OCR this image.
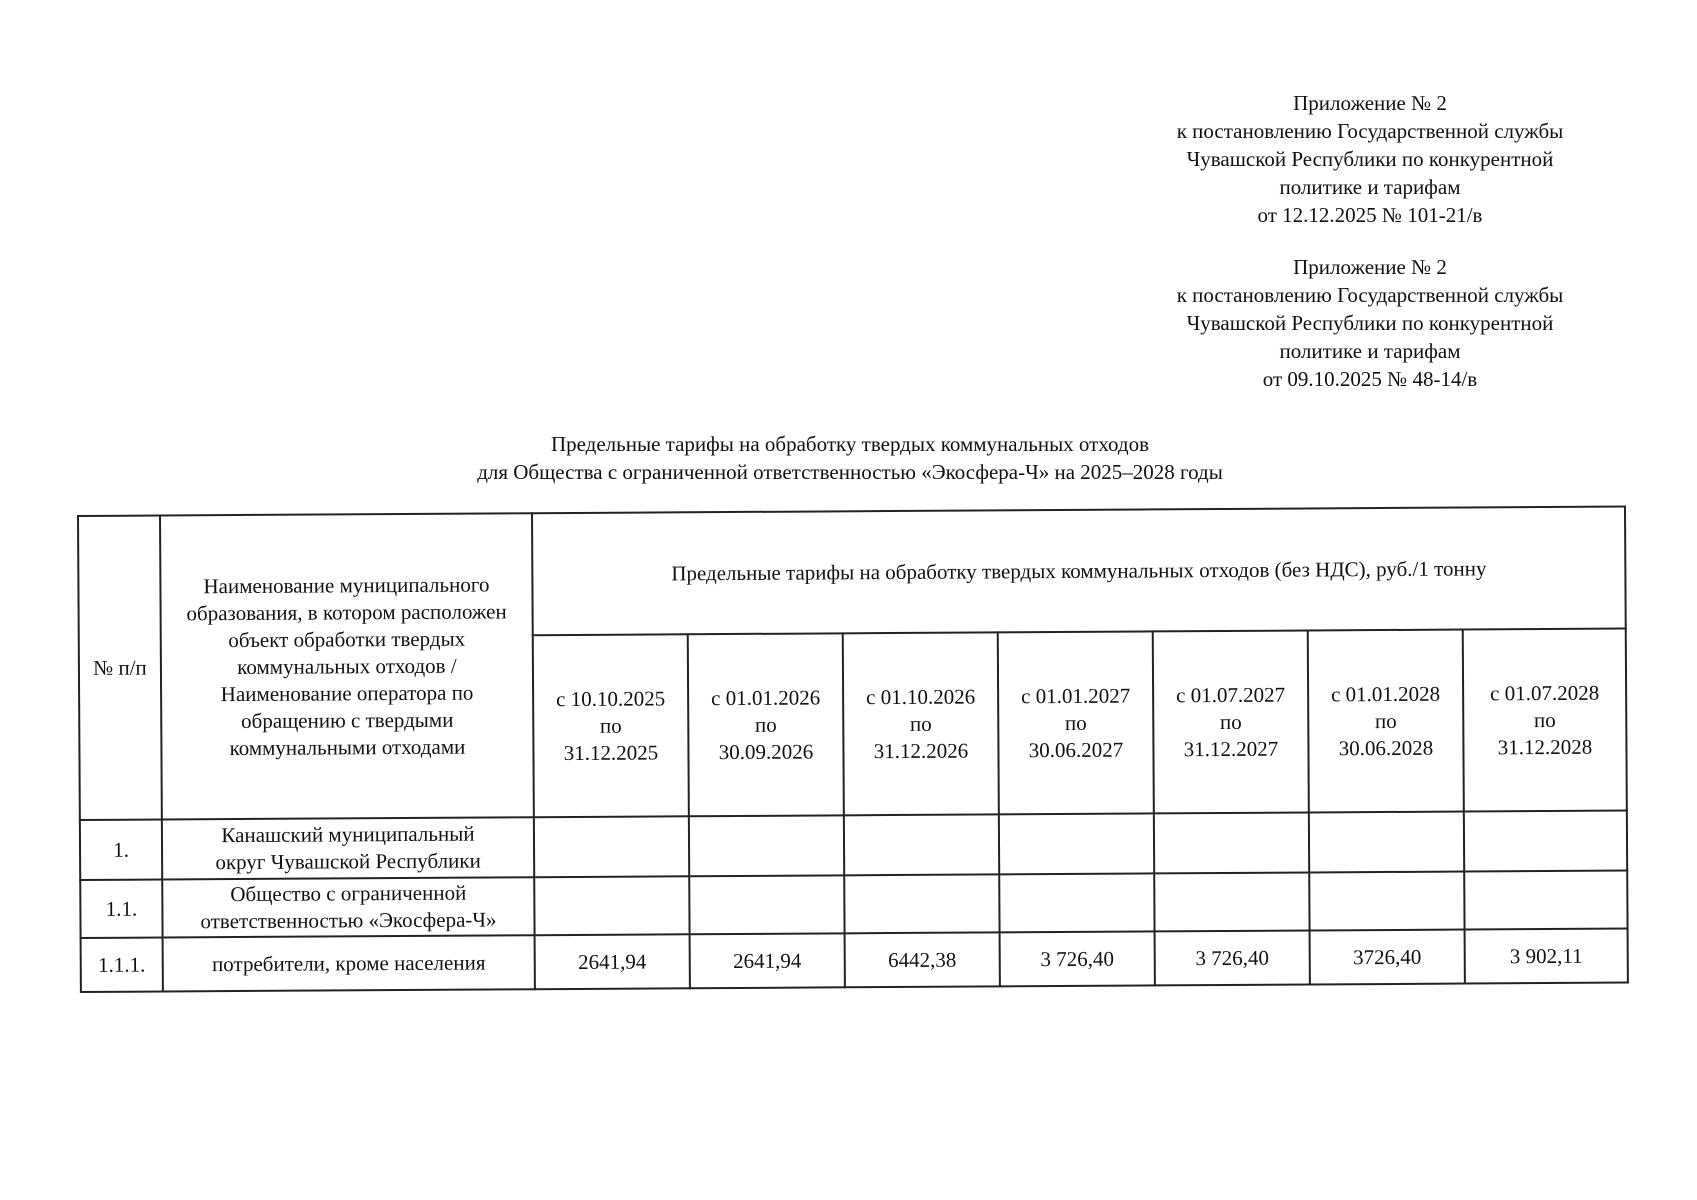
Приложение № 2
к постановлению Государственной службы
Чувашской Республики по конкурентной
политике и тарифам
от 12.12.2025 № 101-21/в
Приложение № 2
к постановлению Государственной службы
Чувашской Республики по конкурентной
политике и тарифам
от 09.10.2025 № 48-14/в
Предельные тарифы на обработку твердых коммунальных отходов
для Общества с ограниченной ответственностью «Экосфера-Ч» на 2025–2028 годы
№ п/п	Наименование муниципального образования, в котором расположен объект обработки твердых коммунальных отходов / Наименование оператора по обращению с твердыми коммунальными отходами	Предельные тарифы на обработку твердых коммунальных отходов (без НДС), руб./1 тонну						

		с 10.10.2025
по
31.12.2025	с 01.01.2026
по
30.09.2026	с 01.10.2026
по
31.12.2026	с 01.01.2027
по
30.06.2027	с 01.07.2027
по
31.12.2027	с 01.01.2028
по
30.06.2028	с 01.07.2028
по
31.12.2028

1.	Канашский муниципальный
округ Чувашской Республики							

1.1.	Общество с ограниченной
ответственностью «Экосфера-Ч»							

1.1.1.	потребители, кроме населения	2641,94	2641,94	6442,38	3 726,40	3 726,40	3726,40	3 902,11
